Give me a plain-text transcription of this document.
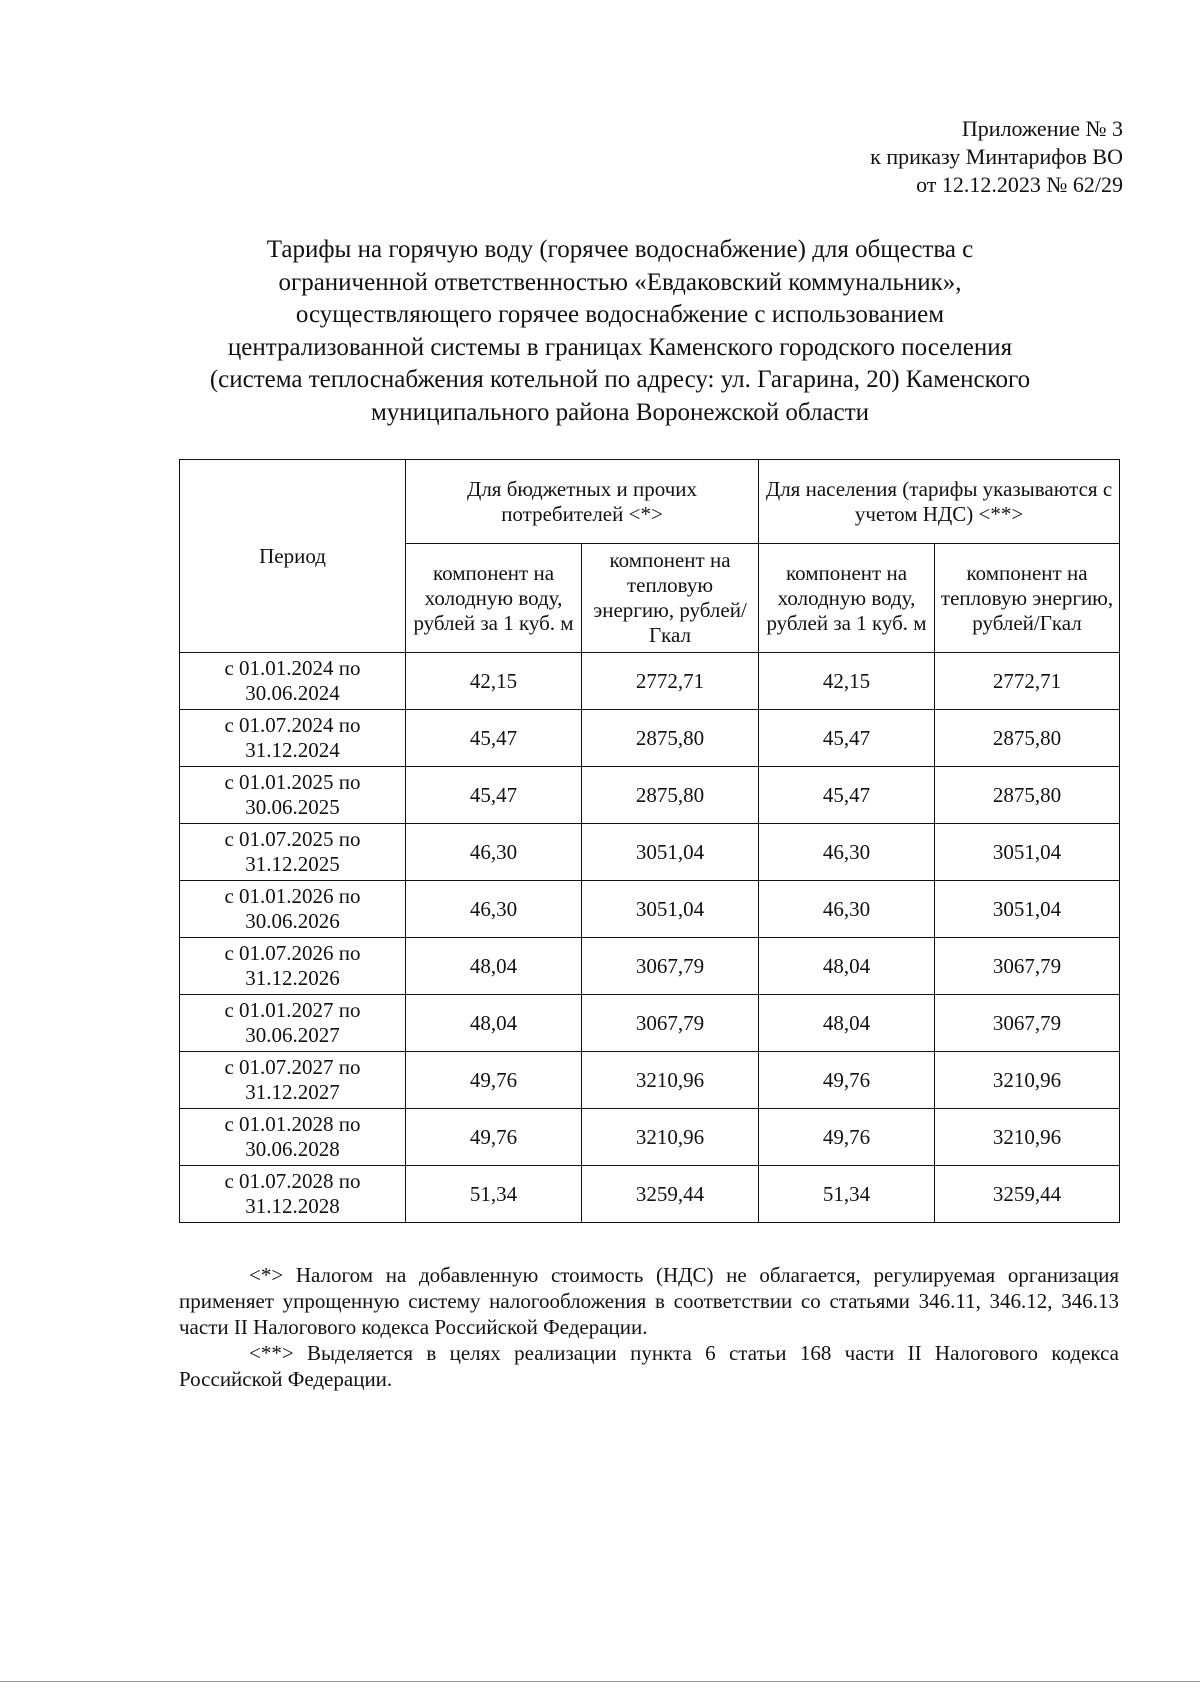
Приложение № 3
к приказу Минтарифов ВО
от 12.12.2023 № 62/29
Тарифы на горячую воду (горячее водоснабжение) для общества с
ограниченной ответственностью «Евдаковский коммунальник»,
осуществляющего горячее водоснабжение с использованием
централизованной системы в границах Каменского городского поселения
(система теплоснабжения котельной по адресу: ул. Гагарина, 20) Каменского
муниципального района Воронежской области
Период	Для бюджетных и прочих потребителей <*>		Для населения (тарифы указываются с учетом НДС) <**>	
	компонент на холодную воду, рублей за 1 куб. м	компонент на тепловую энергию, рублей/Гкал	компонент на холодную воду, рублей за 1 куб. м	компонент на тепловую энергию, рублей/Гкал

с 01.01.2024 по
30.06.2024	42,15	2772,71	42,15	2772,71

с 01.07.2024 по
31.12.2024	45,47	2875,80	45,47	2875,80

с 01.01.2025 по
30.06.2025	45,47	2875,80	45,47	2875,80

с 01.07.2025 по
31.12.2025	46,30	3051,04	46,30	3051,04

с 01.01.2026 по
30.06.2026	46,30	3051,04	46,30	3051,04

с 01.07.2026 по
31.12.2026	48,04	3067,79	48,04	3067,79

с 01.01.2027 по
30.06.2027	48,04	3067,79	48,04	3067,79

с 01.07.2027 по
31.12.2027	49,76	3210,96	49,76	3210,96

с 01.01.2028 по
30.06.2028	49,76	3210,96	49,76	3210,96

с 01.07.2028 по
31.12.2028	51,34	3259,44	51,34	3259,44

<*> Налогом на добавленную стоимость (НДС) не облагается, регулируемая организация применяет упрощенную систему налогообложения в соответствии со статьями 346.11, 346.12, 346.13 части II Налогового кодекса Российской Федерации.

<**> Выделяется в целях реализации пункта 6 статьи 168 части II Налогового кодекса Российской Федерации.
